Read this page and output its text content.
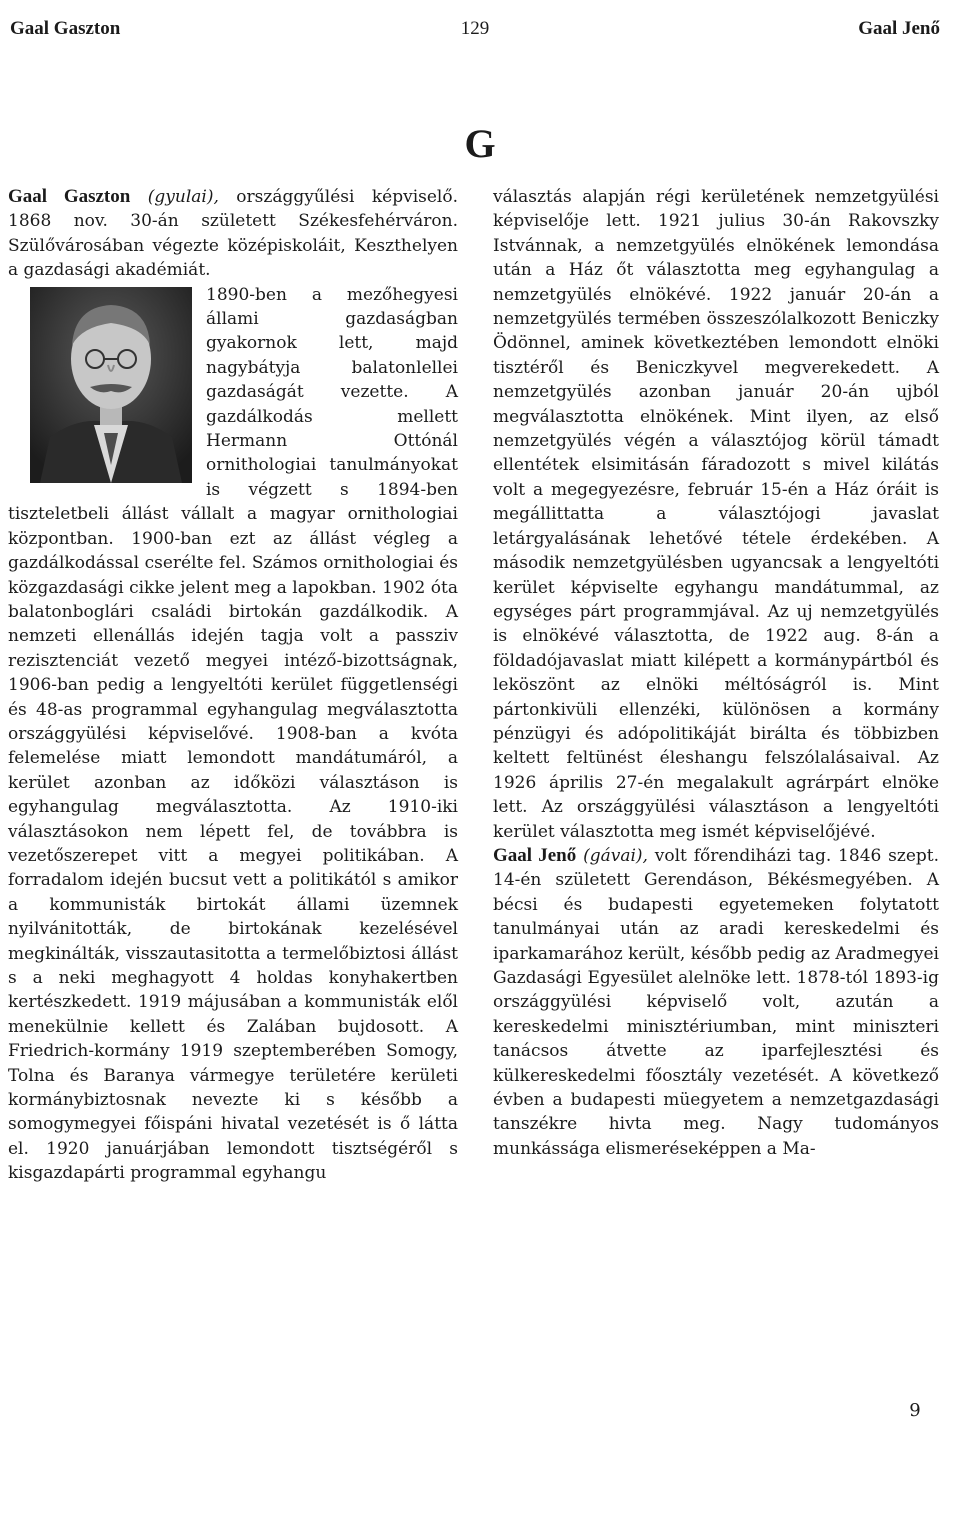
Gaal Gaszton	129	Gaal Jenő
G

Gaal Gaszton (gyulai), országgyűlési képviselő. 1868 nov. 30-án született Székesfehérváron. Szülővárosában végezte középiskoláit, Keszthelyen a gazdasági akadémiát.

1890-ben a mezőhegyesi állami gazdaságban gyakornok lett, majd nagybátyja balatonlellei gazdaságát vezette. A gazdálkodás mellett Hermann Ottónál ornithologiai tanulmányokat is végzett s 1894-ben tiszteletbeli állást vállalt a magyar ornithologiai központban. 1900-ban ezt az állást végleg a gazdálkodással cserélte fel. Számos ornithologiai és közgazdasági cikke jelent meg a lapokban. 1902 óta balatonboglári családi birtokán gazdálkodik. A nemzeti ellenállás idején tagja volt a passziv rezisztenciát vezető megyei intéző-bizottságnak, 1906-ban pedig a lengyeltóti kerület függetlenségi és 48-as programmal egyhangulag megválasztotta országgyülési képviselővé. 1908-ban a kvóta felemelése miatt lemondott mandátumáról, a kerület azonban az időközi választáson is egyhangulag megválasztotta. Az 1910-iki választásokon nem lépett fel, de továbbra is vezetőszerepet vitt a megyei politikában. A forradalom idején bucsut vett a politikától s amikor a kommunisták birtokát állami üzemnek nyilvánitották, de birtokának kezelésével megkinálták, visszautasitotta a termelőbiztosi állást s a neki meghagyott 4 holdas konyhakertben kertészkedett. 1919 májusában a kommunisták elől menekülnie kellett és Zalában bujdosott. A Friedrich-kormány 1919 szeptemberében Somogy, Tolna és Baranya vármegye területére kerületi kormánybiztosnak nevezte ki s később a somogymegyei főispáni hivatal vezetését is ő látta el. 1920 januárjában lemondott tisztségéről s kisgazdapárti programmal egyhangu

választás alapján régi kerületének nemzetgyülési képviselője lett. 1921 julius 30-án Rakovszky Istvánnak, a nemzetgyülés elnökének lemondása után a Ház őt választotta meg egyhangulag a nemzetgyülés elnökévé. 1922 január 20-án a nemzetgyülés termében összeszólalkozott Beniczky Ödönnel, aminek következtében lemondott elnöki tisztéről és Beniczkyvel megverekedett. A nemzetgyülés azonban január 20-án ujból megválasztotta elnökének. Mint ilyen, az első nemzetgyülés végén a választójog körül támadt ellentétek elsimitásán fáradozott s mivel kilátás volt a megegyezésre, február 15-én a Ház óráit is megállittatta a választójogi javaslat letárgyalásának lehetővé tétele érdekében. A második nemzetgyülésben ugyancsak a lengyeltóti kerület képviselte egyhangu mandátummal, az egységes párt programmjával. Az uj nemzetgyülés is elnökévé választotta, de 1922 aug. 8-án a földadójavaslat miatt kilépett a kormánypártból és leköszönt az elnöki méltóságról is. Mint pártonkivüli ellenzéki, különösen a kormány pénzügyi és adópolitikáját birálta és többizben keltett feltünést éleshangu felszólalásaival. Az 1926 április 27-én megalakult agrárpárt elnöke lett. Az országgyülési választáson a lengyeltóti kerület választotta meg ismét képviselőjévé.

Gaal Jenő (gávai), volt főrendiházi tag. 1846 szept. 14-én született Gerendáson, Békésmegyében. A bécsi és budapesti egyetemeken folytatott tanulmányai után az aradi kereskedelmi és iparkamarához került, később pedig az Aradmegyei Gazdasági Egyesület alelnöke lett. 1878-tól 1893-ig országgyülési képviselő volt, azután a kereskedelmi minisztériumban, mint miniszteri tanácsos átvette az iparfejlesztési és külkereskedelmi főosztály vezetését. A következő évben a budapesti müegyetem a nemzetgazdasági tanszékre hivta meg. Nagy tudományos munkássága elismeréseképpen a Ma-

9
